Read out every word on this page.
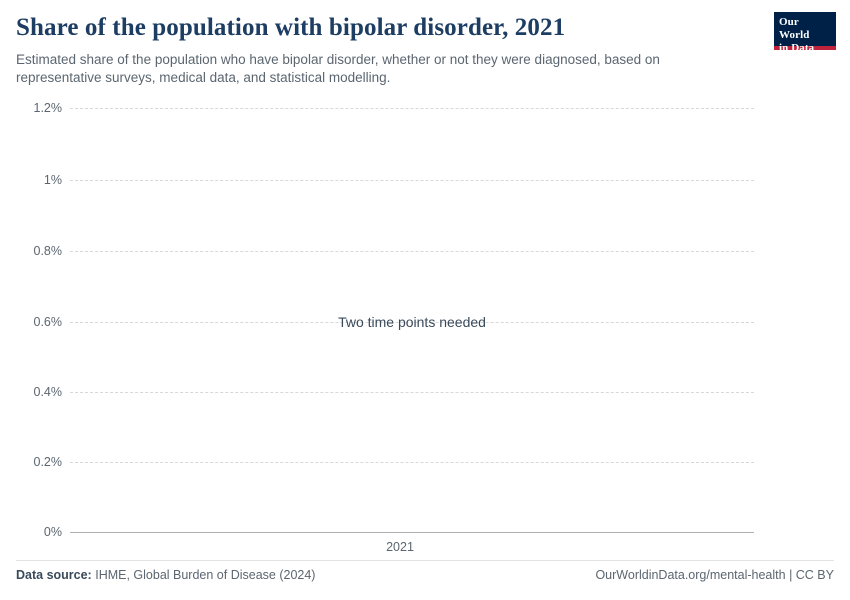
Share of the population with bipolar disorder, 2021

Estimated share of the population who have bipolar disorder, whether or not they were diagnosed, based on representative surveys, medical data, and statistical modelling.

Our World
in Data
1.2%
1%
0.8%
0.6%
0.4%
0.2%
0%
Two time points needed
2021
Data source: IHME, Global Burden of Disease (2024)	OurWorldinData.org/mental-health | CC BY
